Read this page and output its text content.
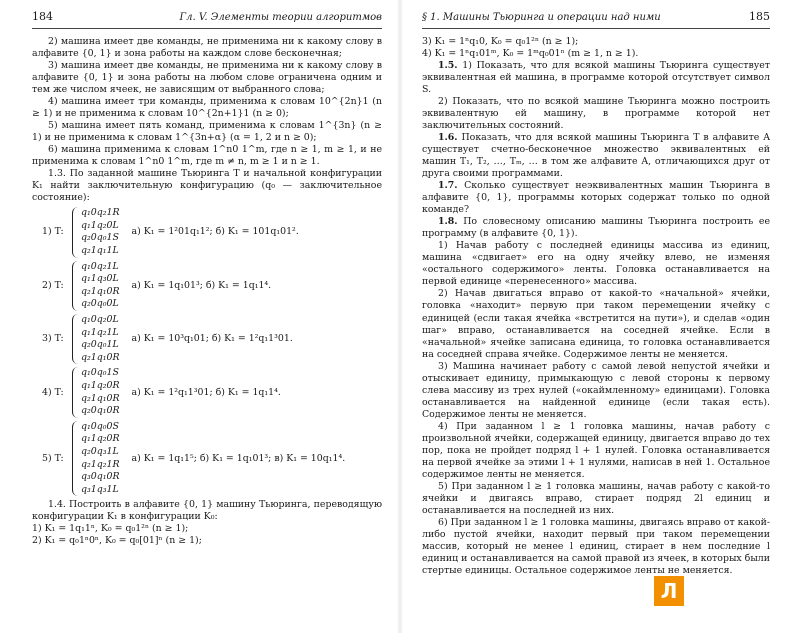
184	Гл. V. Элементы теории алгоритмов

2) машина имеет две команды, не применима ни к какому слову в алфавите {0, 1} и зона работы на каждом слове бесконечная;

3) машина имеет две команды, не применима ни к какому слову в алфавите {0, 1} и зона работы на любом слове ограничена одним и тем же числом ячеек, не зависящим от выбранного слова;

4) машина имеет три команды, применима к словам 10^{2n}1 (n ≥ 1) и не применима к словам 10^{2n+1}1 (n ≥ 0);

5) машина имеет пять команд, применима к словам 1^{3n} (n ≥ 1) и не применима к словам 1^{3n+α} (α = 1, 2 и n ≥ 0);

6) машина применима к словам 1^n0 1^m, где n ≥ 1, m ≥ 1, и не применима к словам 1^n0 1^m, где m ≠ n, m ≥ 1 и n ≥ 1.

1.3. По заданной машине Тьюринга T и начальной конфигурации K₁ найти заключительную конфигурацию (q₀ — заключительное состояние):

1) T:
q₁0q₂1R
q₁1q₂0L
q₂0q₀1S
q₂1q₁1L
а) K₁ = 1²01q₁1²; б) K₁ = 101q₁01².
2) T:
q₁0q₂1L
q₁1q₃0L
q₂1q₁0R
q₂0q₀0L
а) K₁ = 1q₁01³; б) K₁ = 1q₁1⁴.
3) T:
q₁0q₂0L
q₁1q₂1L
q₂0q₀1L
q₂1q₁0R
а) K₁ = 10³q₁01; б) K₁ = 1²q₁1³01.
4) T:
q₁0q₀1S
q₁1q₂0R
q₂1q₁0R
q₂0q₁0R
а) K₁ = 1²q₁1³01; б) K₁ = 1q₁1⁴.
5) T:
q₁0q₀0S
q₁1q₂0R
q₂0q₃1L
q₂1q₂1R
q₃0q₁0R
q₃1q₃1L
а) K₁ = 1q₁1⁵; б) K₁ = 1q₁01³; в) K₁ = 10q₁1⁴.

1.4. Построить в алфавите {0, 1} машину Тьюринга, переводящую конфигурации K₁ в конфигурации K₀:

1) K₁ = 1q₁1ⁿ, K₀ = q₀1²ⁿ (n ≥ 1);

2) K₁ = q₀1ⁿ0ⁿ, K₀ = q₀[01]ⁿ (n ≥ 1);

§ 1. Машины Тьюринга и операции над ними	185

3) K₁ = 1ⁿq₁0, K₀ = q₀1²ⁿ (n ≥ 1);

4) K₁ = 1ⁿq₁01ᵐ, K₀ = 1ᵐq₀01ⁿ (m ≥ 1, n ≥ 1).

1.5. 1) Показать, что для всякой машины Тьюринга существует эквивалентная ей машина, в программе которой отсутствует символ S.

2) Показать, что по всякой машине Тьюринга можно построить эквивалентную ей машину, в программе которой нет заключительных состояний.

1.6. Показать, что для всякой машины Тьюринга T в алфавите A существует счетно-бесконечное множество эквивалентных ей машин T₁, T₂, …, Tₘ, … в том же алфавите A, отличающихся друг от друга своими программами.

1.7. Сколько существует неэквивалентных машин Тьюринга в алфавите {0, 1}, программы которых содержат только по одной команде?

1.8. По словесному описанию машины Тьюринга построить ее программу (в алфавите {0, 1}).

1) Начав работу с последней единицы массива из единиц, машина «сдвигает» его на одну ячейку влево, не изменяя «остального содержимого» ленты. Головка останавливается на первой единице «перенесенного» массива.

2) Начав двигаться вправо от какой-то «начальной» ячейки, головка «находит» первую при таком перемещении ячейку с единицей (если такая ячейка «встретится на пути»), и сделав «один шаг» вправо, останавливается на соседней ячейке. Если в «начальной» ячейке записана единица, то головка останавливается на соседней справа ячейке. Содержимое ленты не меняется.

3) Машина начинает работу с самой левой непустой ячейки и отыскивает единицу, примыкающую с левой стороны к первому слева массиву из трех нулей («окаймленному» единицами). Головка останавливается на найденной единице (если такая есть). Содержимое ленты не меняется.

4) При заданном l ≥ 1 головка машины, начав работу с произвольной ячейки, содержащей единицу, двигается вправо до тех пор, пока не пройдет подряд l + 1 нулей. Головка останавливается на первой ячейке за этими l + 1 нулями, написав в ней 1. Остальное содержимое ленты не меняется.

5) При заданном l ≥ 1 головка машины, начав работу с какой-то ячейки и двигаясь вправо, стирает подряд 2l единиц и останавливается на последней из них.

6) При заданном l ≥ 1 головка машины, двигаясь вправо от какой-либо пустой ячейки, находит первый при таком перемещении массив, который не менее l единиц, стирает в нем последние l единиц и останавливается на самой правой из ячеек, в которых были стертые единицы. Остальное содержимое ленты не меняется.

Л
